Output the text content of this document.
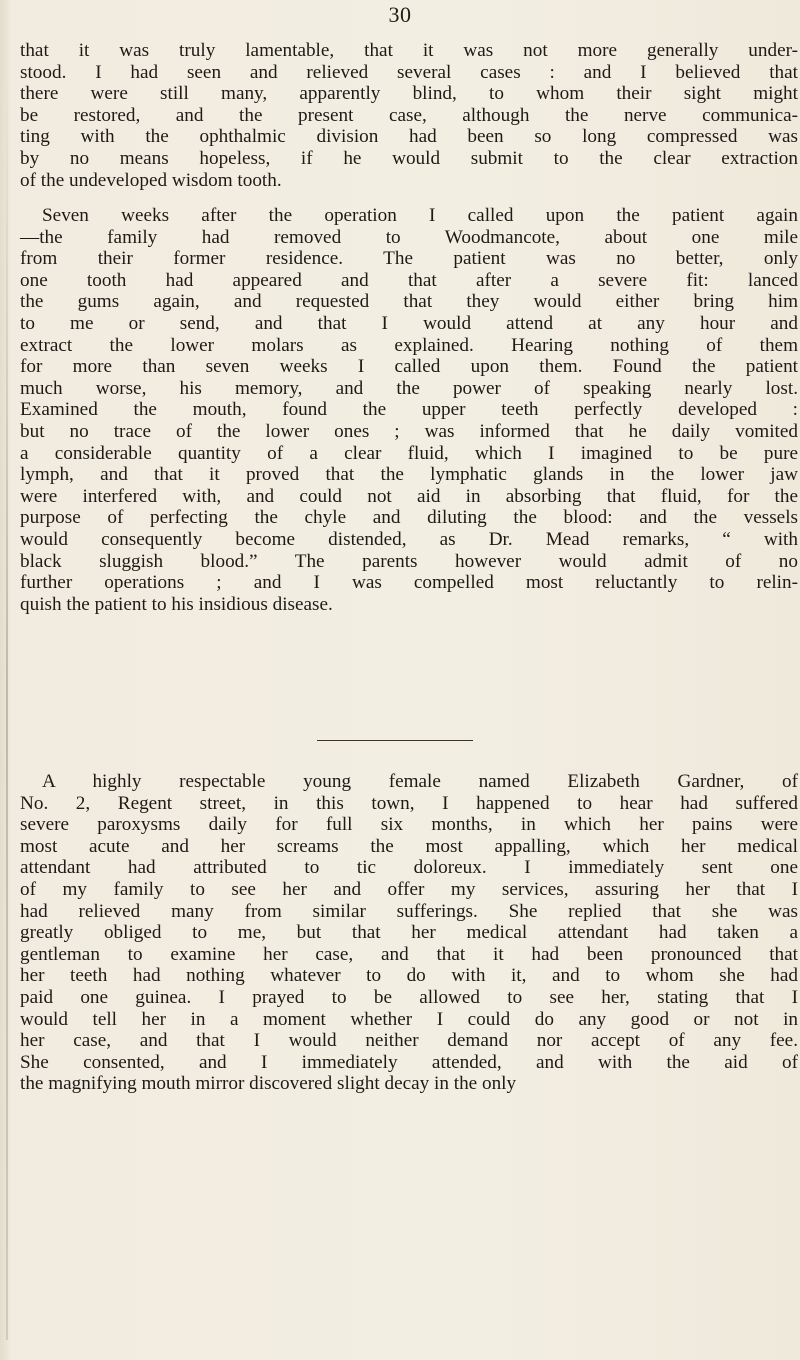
30
that it was truly lamentable, that it was not more generally under-
stood. I had seen and relieved several cases : and I believed that
there were still many, apparently blind, to whom their sight might
be restored, and the present case, although the nerve communica-
ting with the ophthalmic division had been so long compressed was
by no means hopeless, if he would submit to the clear extraction
of the undeveloped wisdom tooth.
Seven weeks after the operation I called upon the patient again
—the family had removed to Woodmancote, about one mile
from their former residence. The patient was no better, only
one tooth had appeared and that after a severe fit: lanced
the gums again, and requested that they would either bring him
to me or send, and that I would attend at any hour and
extract the lower molars as explained. Hearing nothing of them
for more than seven weeks I called upon them. Found the patient
much worse, his memory, and the power of speaking nearly lost.
Examined the mouth, found the upper teeth perfectly developed :
but no trace of the lower ones ; was informed that he daily vomited
a considerable quantity of a clear fluid, which I imagined to be pure
lymph, and that it proved that the lymphatic glands in the lower jaw
were interfered with, and could not aid in absorbing that fluid, for the
purpose of perfecting the chyle and diluting the blood: and the vessels
would consequently become distended, as Dr. Mead remarks, “ with
black sluggish blood.” The parents however would admit of no
further operations ; and I was compelled most reluctantly to relin-
quish the patient to his insidious disease.
A highly respectable young female named Elizabeth Gardner, of
No. 2, Regent street, in this town, I happened to hear had suffered
severe paroxysms daily for full six months, in which her pains were
most acute and her screams the most appalling, which her medical
attendant had attributed to tic doloreux. I immediately sent one
of my family to see her and offer my services, assuring her that I
had relieved many from similar sufferings. She replied that she was
greatly obliged to me, but that her medical attendant had taken a
gentleman to examine her case, and that it had been pronounced that
her teeth had nothing whatever to do with it, and to whom she had
paid one guinea. I prayed to be allowed to see her, stating that I
would tell her in a moment whether I could do any good or not in
her case, and that I would neither demand nor accept of any fee.
She consented, and I immediately attended, and with the aid of
the magnifying mouth mirror discovered slight decay in the only
